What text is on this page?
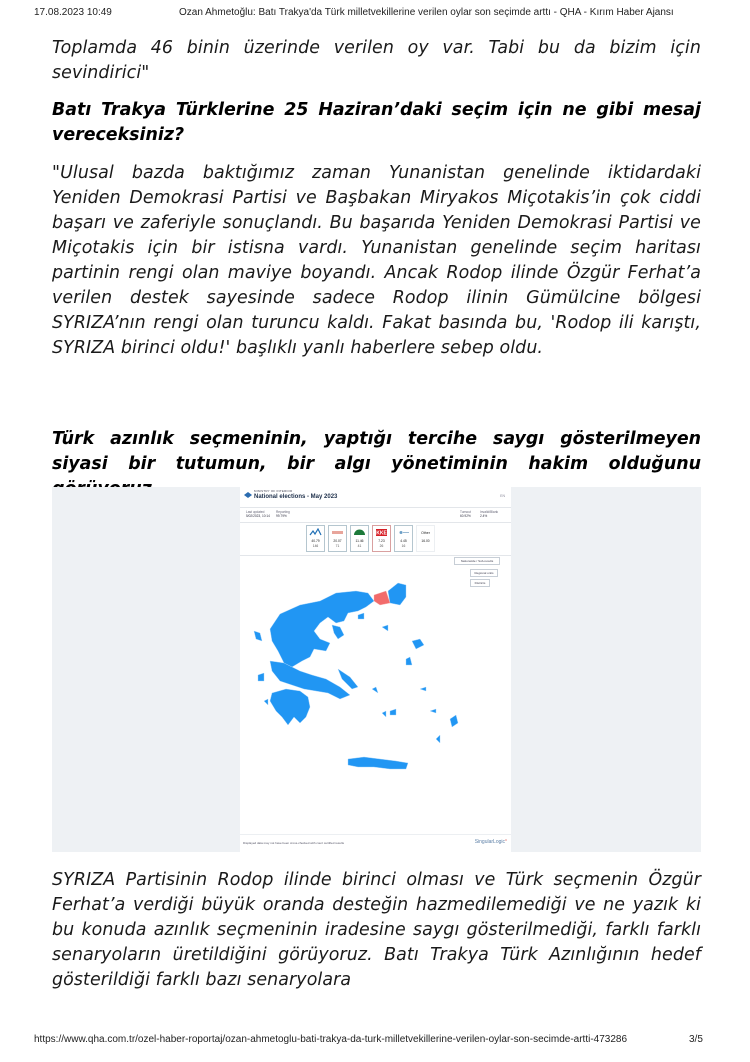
17.08.2023 10:49	Ozan Ahmetoğlu: Batı Trakya'da Türk milletvekillerine verilen oylar son seçimde arttı - QHA - Kırım Haber Ajansı

Toplamda 46 binin üzerinde verilen oy var. Tabi bu da bizim için sevindirici"

Batı Trakya Türklerine 25 Haziran’daki seçim için ne gibi mesaj vereceksiniz?

"Ulusal bazda baktığımız zaman Yunanistan genelinde iktidardaki Yeniden Demokrasi Partisi ve Başbakan Miryakos Miçotakis’in çok ciddi başarı ve zaferiyle sonuçlandı. Bu başarıda Yeniden Demokrasi Partisi ve Miçotakis için bir istisna vardı. Yunanistan genelinde seçim haritası partinin rengi olan maviye boyandı. Ancak Rodop ilinde Özgür Ferhat’a verilen destek sayesinde sadece Rodop ilinin Gümülcine bölgesi SYRIZA’nın rengi olan turuncu kaldı. Fakat basında bu, 'Rodop ili karıştı, SYRIZA birinci oldu!' başlıklı yanlı haberlere sebep oldu.

Türk azınlık seçmeninin, yaptığı tercihe saygı gösterilmeyen siyasi bir tutumun, bir algı yönetiminin hakim olduğunu

SYRIZA Partisinin Rodop ilinde birinci olması ve Türk seçmenin Özgür Ferhat’a verdiği büyük oranda desteğin hazmedilemediği ve ne yazık ki bu konuda azınlık seçmeninin iradesine saygı gösterilmediği, farklı farklı senaryoların üretildiğini görüyoruz. Batı Trakya Türk Azınlığının hedef gösterildiği farklı bazı senaryolara

MINISTRY OF INTERIOR
National elections - May 2023	EN
Last updated
5/02/2023, 10:14
Reporting
99.79%
Turnout
60.92%
Invalid/Blank
2.4%
40.79
146
20.07
71
11.46
41
KKE
7.23
26
4.45
16
Other
16.00
Nationwide / Sub-results
Regional units
Districts
Displayed data may not have been cross-checked with court certified results	SingularLogic°
https://www.qha.com.tr/ozel-haber-roportaj/ozan-ahmetoglu-bati-trakya-da-turk-milletvekillerine-verilen-oylar-son-secimde-artti-473286	3/5
